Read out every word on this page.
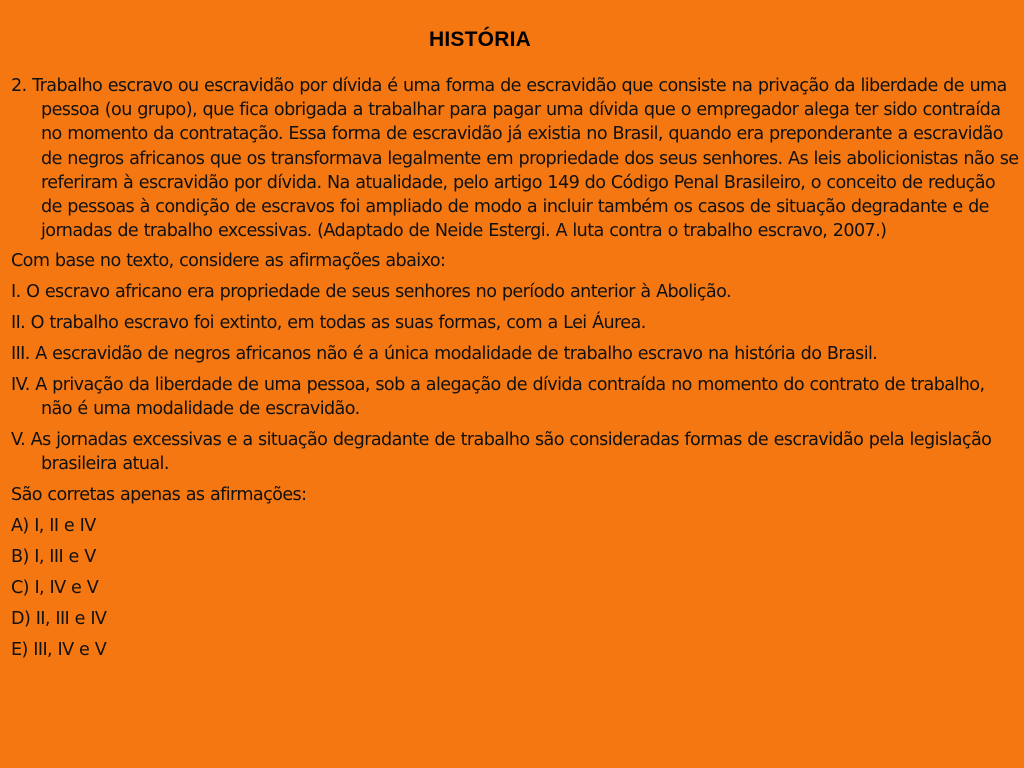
HISTÓRIA

2. Trabalho escravo ou escravidão por dívida é uma forma de escravidão que consiste na privação da liberdade de uma pessoa (ou grupo), que fica obrigada a trabalhar para pagar uma dívida que o empregador alega ter sido contraída no momento da contratação. Essa forma de escravidão já existia no Brasil, quando era preponderante a escravidão de negros africanos que os transformava legalmente em propriedade dos seus senhores. As leis abolicionistas não se referiram à escravidão por dívida. Na atualidade, pelo artigo 149 do Código Penal Brasileiro, o conceito de redução de pessoas à condição de escravos foi ampliado de modo a incluir também os casos de situação degradante e de jornadas de trabalho excessivas. (Adaptado de Neide Estergi. A luta contra o trabalho escravo, 2007.)

Com base no texto, considere as afirmações abaixo:

I. O escravo africano era propriedade de seus senhores no período anterior à Abolição.

II. O trabalho escravo foi extinto, em todas as suas formas, com a Lei Áurea.

III. A escravidão de negros africanos não é a única modalidade de trabalho escravo na história do Brasil.

IV. A privação da liberdade de uma pessoa, sob a alegação de dívida contraída no momento do contrato de trabalho, não é uma modalidade de escravidão.

V. As jornadas excessivas e a situação degradante de trabalho são consideradas formas de escravidão pela legislação brasileira atual.

São corretas apenas as afirmações:

A) I, II e IV

B) I, III e V

C) I, IV e V

D) II, III e IV

E) III, IV e V
